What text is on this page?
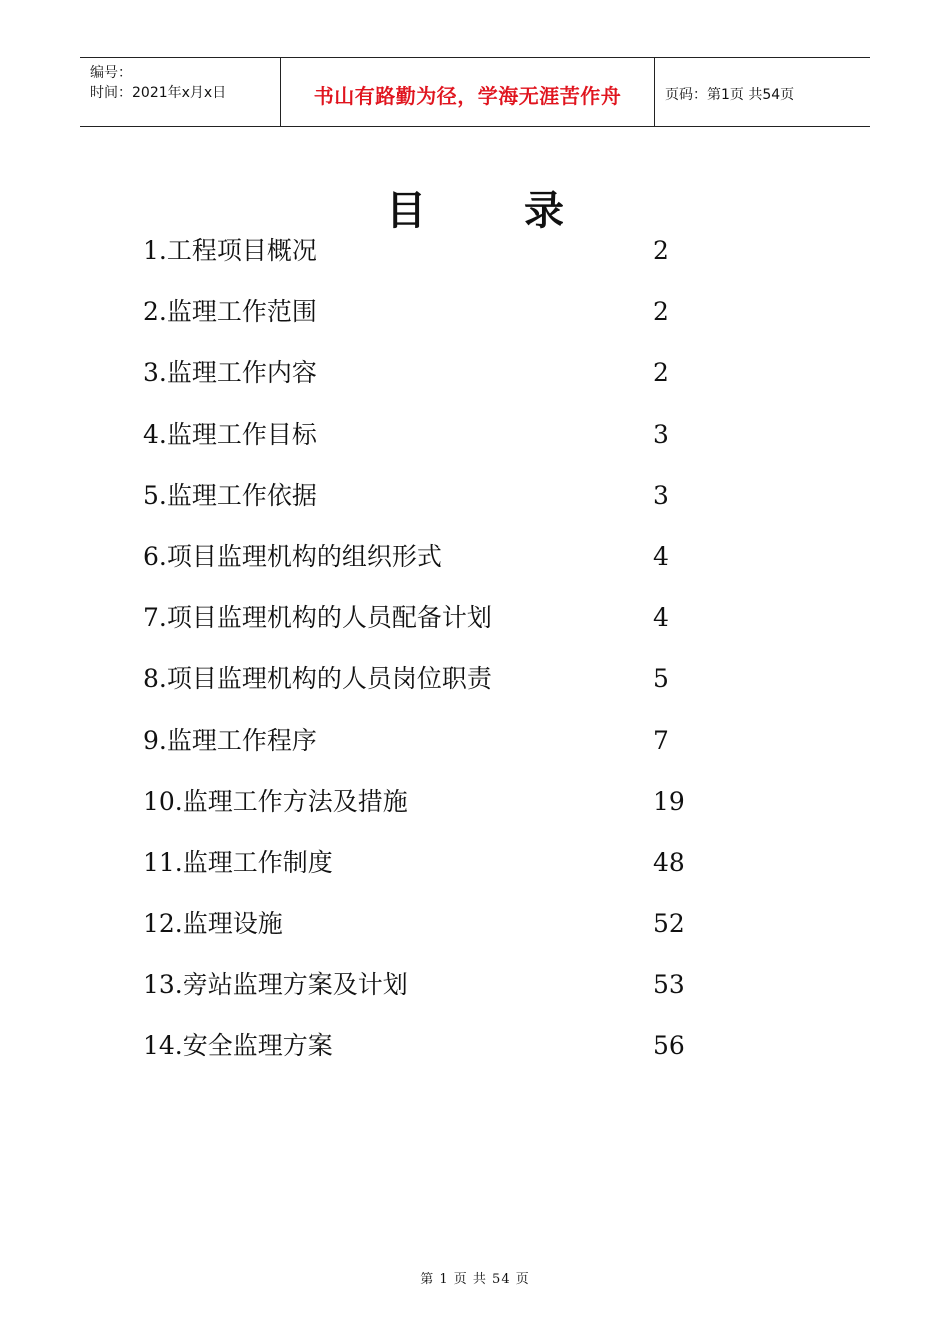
编号：
时间：2021年x月x日	书山有路勤为径，学海无涯苦作舟	页码：第1页 共54页
目 录
1.工程项目概况	2
2.监理工作范围	2
3.监理工作内容	2
4.监理工作目标	3
5.监理工作依据	3
6.项目监理机构的组织形式	4
7.项目监理机构的人员配备计划	4
8.项目监理机构的人员岗位职责	5
9.监理工作程序	7
10.监理工作方法及措施	19
11.监理工作制度	48
12.监理设施	52
13.旁站监理方案及计划	53
14.安全监理方案	56
第 1 页 共 54 页
